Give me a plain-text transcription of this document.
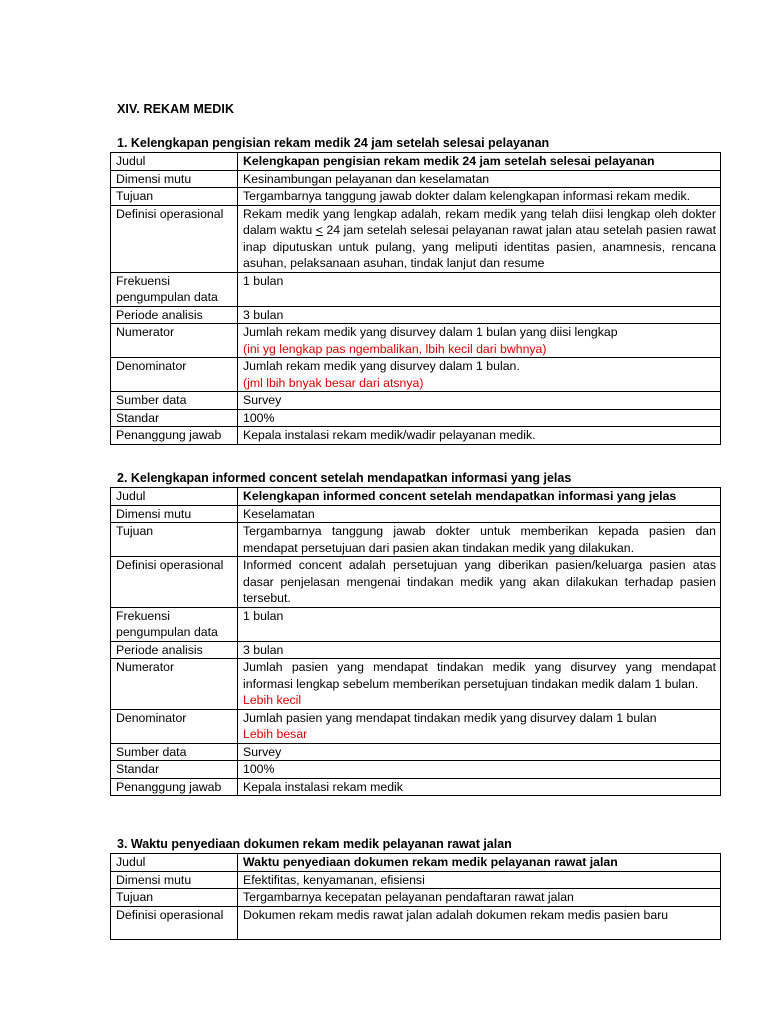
XIV. REKAM MEDIK
1. Kelengkapan pengisian rekam medik 24 jam setelah selesai pelayanan
Judul	Kelengkapan pengisian rekam medik 24 jam setelah selesai pelayanan
Dimensi mutu	Kesinambungan pelayanan dan keselamatan
Tujuan	Tergambarnya tanggung jawab dokter dalam kelengkapan informasi rekam medik.
Definisi operasional	Rekam medik yang lengkap adalah, rekam medik yang telah diisi lengkap oleh dokter dalam waktu ≤ 24 jam setelah selesai pelayanan rawat jalan atau setelah pasien rawat inap diputuskan untuk pulang, yang meliputi identitas pasien, anamnesis, rencana asuhan, pelaksanaan asuhan, tindak lanjut dan resume
Frekuensi pengumpulan data	1 bulan
Periode analisis	3 bulan
Numerator	Jumlah rekam medik yang disurvey dalam 1 bulan yang diisi lengkap
(ini yg lengkap pas ngembalikan, lbih kecil dari bwhnya)

Denominator	Jumlah rekam medik yang disurvey dalam 1 bulan.
(jml lbih bnyak besar dari atsnya)

Sumber data	Survey
Standar	100%
Penanggung jawab	Kepala instalasi rekam medik/wadir pelayanan medik.
2. Kelengkapan informed concent setelah mendapatkan informasi yang jelas
Judul	Kelengkapan informed concent setelah mendapatkan informasi yang jelas
Dimensi mutu	Keselamatan
Tujuan	Tergambarnya tanggung jawab dokter untuk memberikan kepada pasien dan mendapat persetujuan dari pasien akan tindakan medik yang dilakukan.
Definisi operasional	Informed concent adalah persetujuan yang diberikan pasien/keluarga pasien atas dasar penjelasan mengenai tindakan medik yang akan dilakukan terhadap pasien tersebut.
Frekuensi pengumpulan data	1 bulan
Periode analisis	3 bulan
Numerator	Jumlah pasien yang mendapat tindakan medik yang disurvey yang mendapat informasi lengkap sebelum memberikan persetujuan tindakan medik dalam 1 bulan.
Lebih kecil

Denominator	Jumlah pasien yang mendapat tindakan medik yang disurvey dalam 1 bulan
Lebih besar

Sumber data	Survey
Standar	100%
Penanggung jawab	Kepala instalasi rekam medik
3. Waktu penyediaan dokumen rekam medik pelayanan rawat jalan
Judul	Waktu penyediaan dokumen rekam medik pelayanan rawat jalan
Dimensi mutu	Efektifitas, kenyamanan, efisiensi
Tujuan	Tergambarnya kecepatan pelayanan pendaftaran rawat jalan
Definisi operasional	Dokumen rekam medis rawat jalan adalah dokumen rekam medis pasien baru
